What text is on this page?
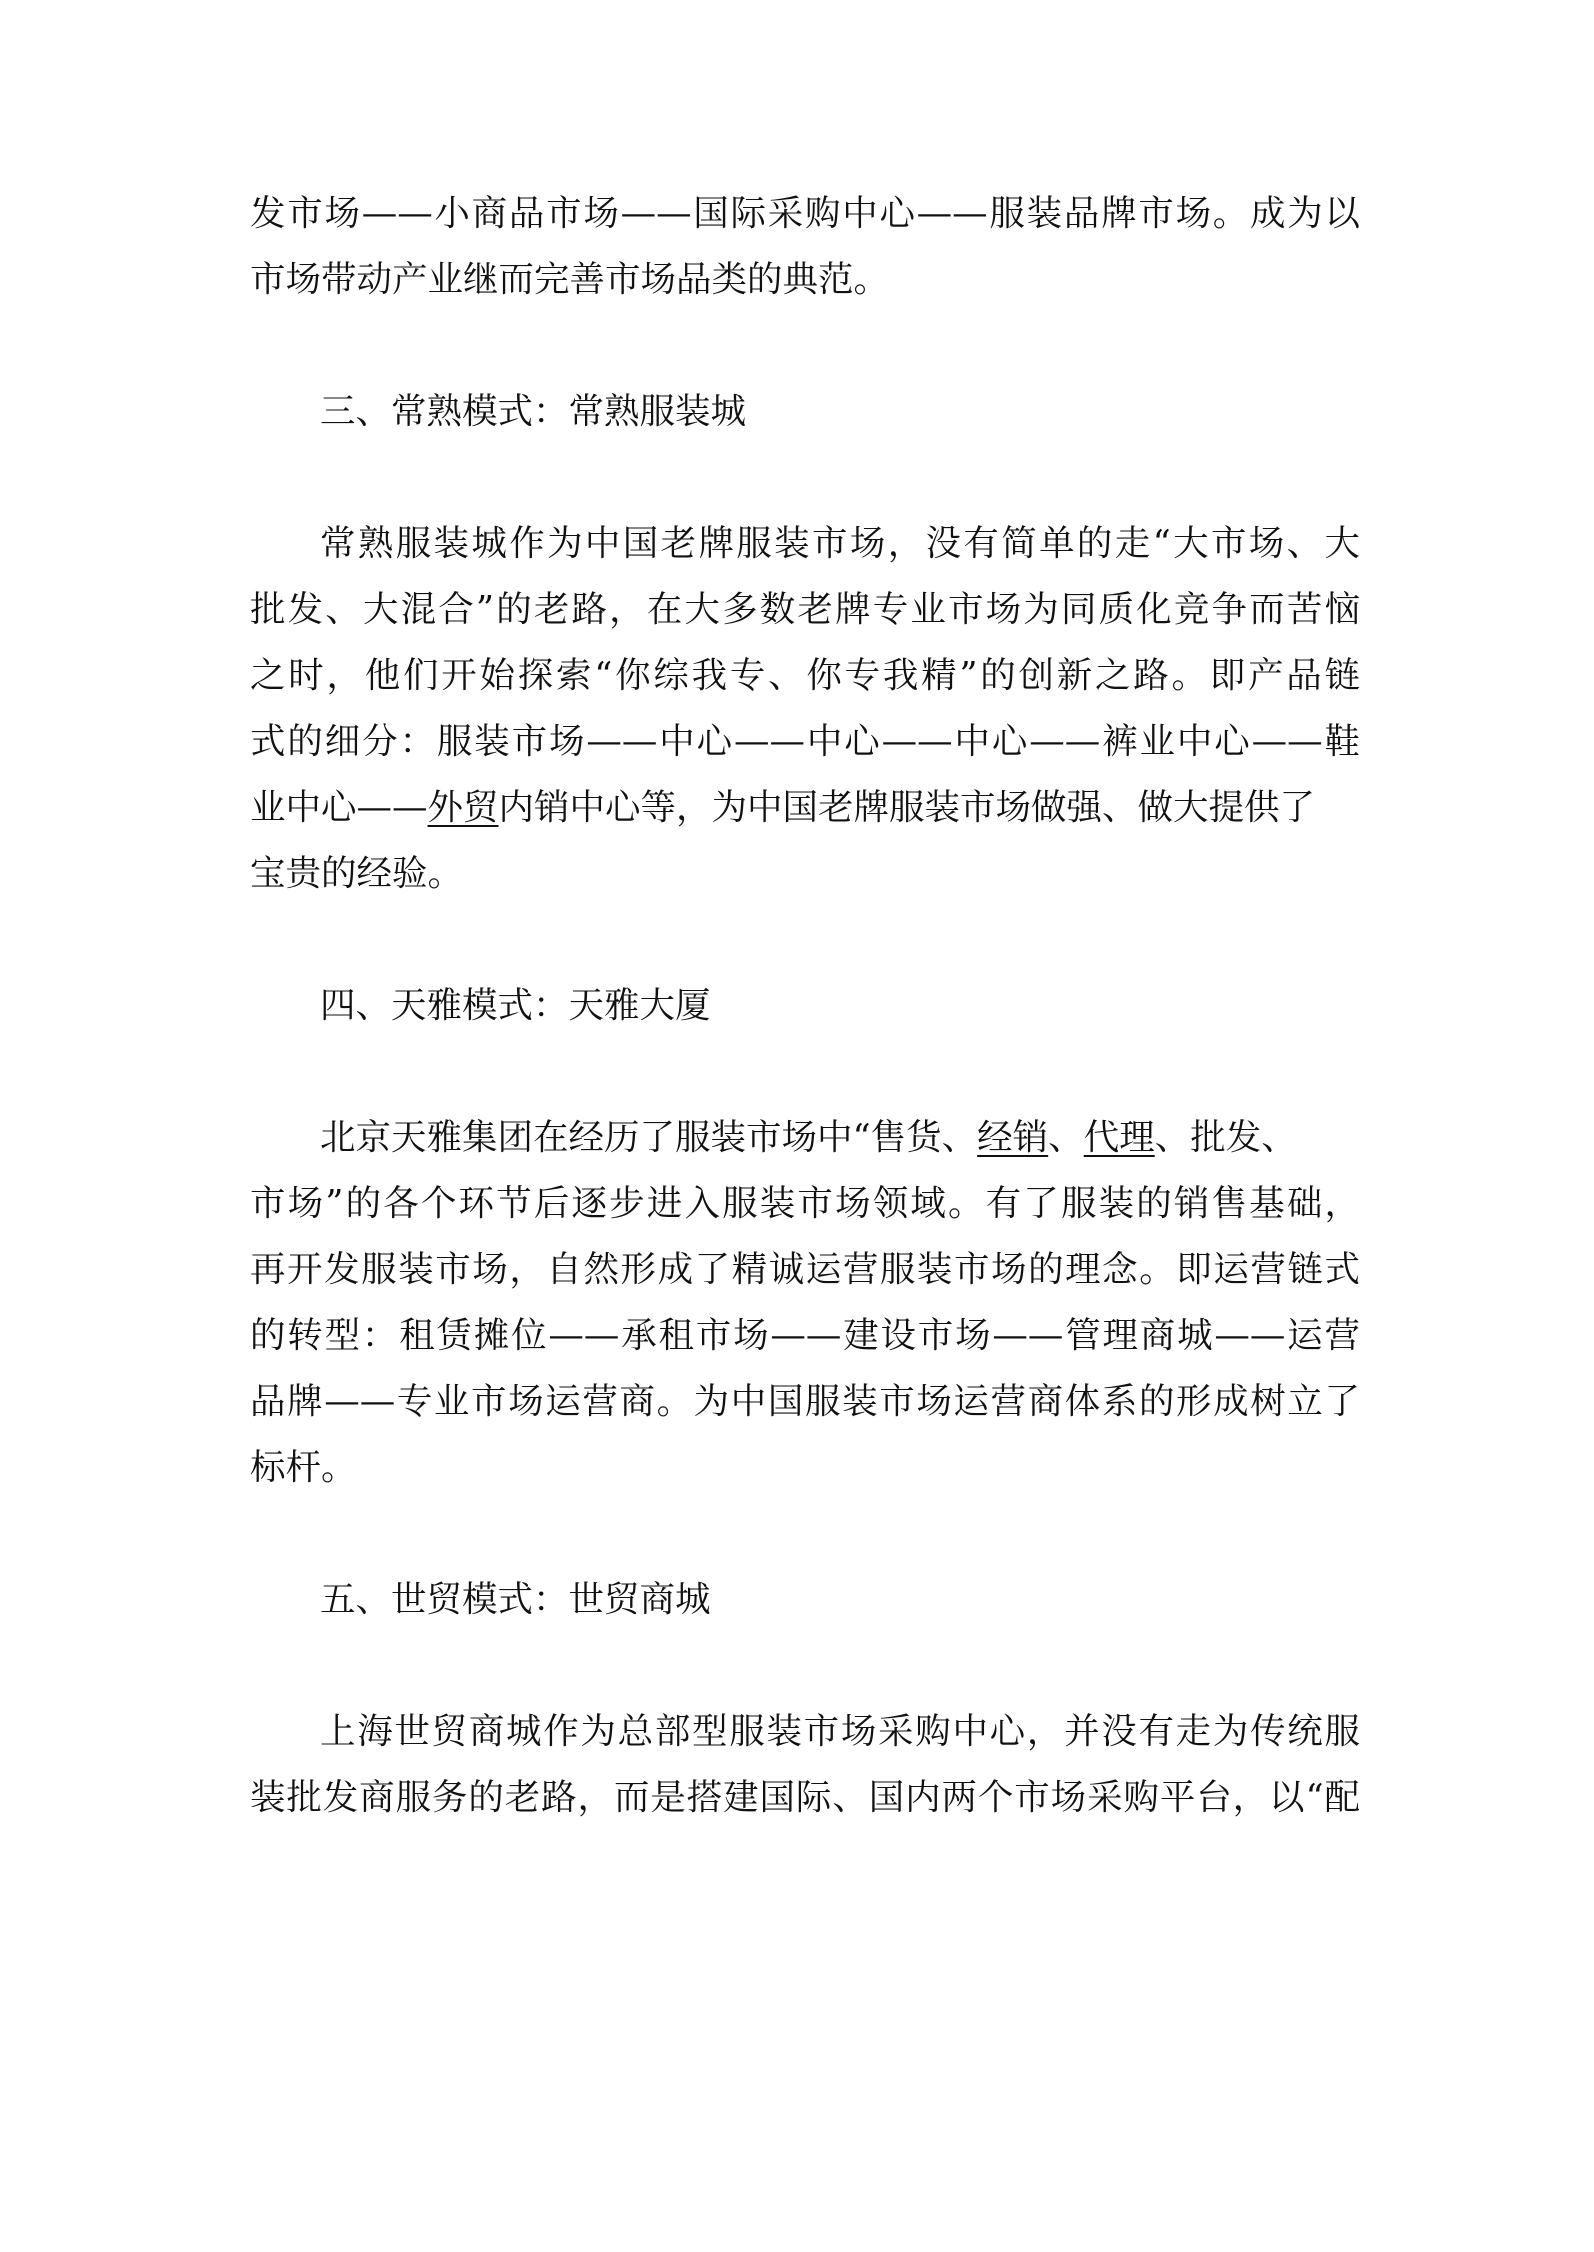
发市场——小商品市场——国际采购中心——服装品牌市场。成为以
市场带动产业继而完善市场品类的典范。
三、常熟模式：常熟服装城
常熟服装城作为中国老牌服装市场，没有简单的走“大市场、大
批发、大混合”的老路，在大多数老牌专业市场为同质化竞争而苦恼
之时，他们开始探索“你综我专、你专我精”的创新之路。即产品链
式的细分：服装市场——中心——中心——中心——裤业中心——鞋
业中心——外贸内销中心等，为中国老牌服装市场做强、做大提供了
宝贵的经验。
四、天雅模式：天雅大厦
北京天雅集团在经历了服装市场中“售货、经销、代理、批发、
市场”的各个环节后逐步进入服装市场领域。有了服装的销售基础，
再开发服装市场，自然形成了精诚运营服装市场的理念。即运营链式
的转型：租赁摊位——承租市场——建设市场——管理商城——运营
品牌——专业市场运营商。为中国服装市场运营商体系的形成树立了
标杆。
五、世贸模式：世贸商城
上海世贸商城作为总部型服装市场采购中心，并没有走为传统服
装批发商服务的老路，而是搭建国际、国内两个市场采购平台，以“配
